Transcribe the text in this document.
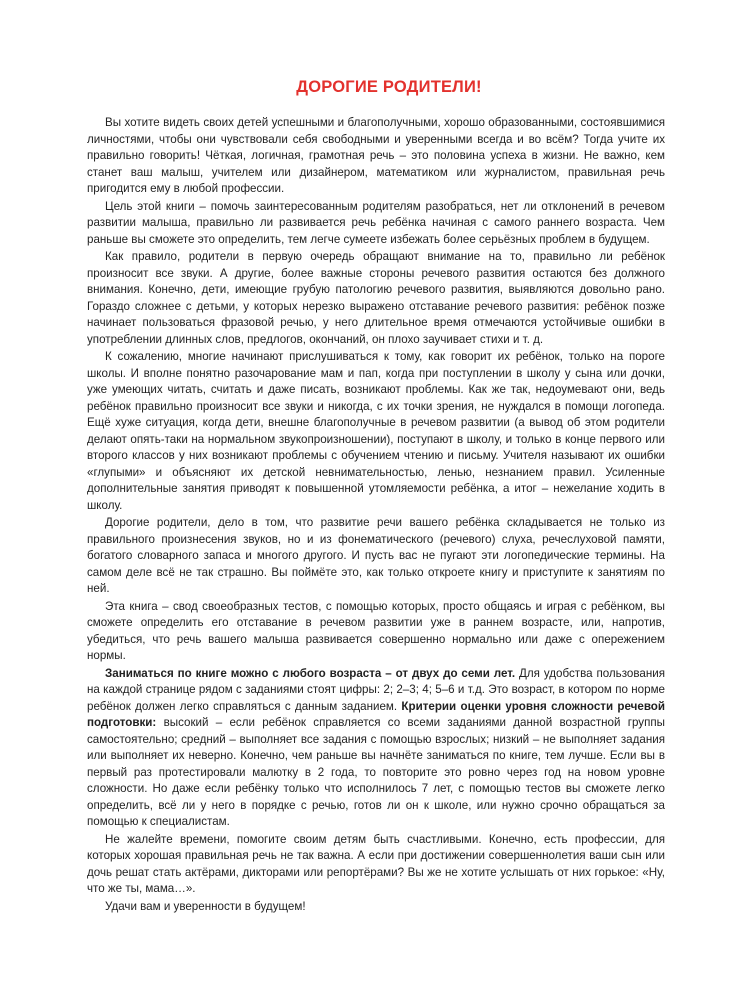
ДОРОГИЕ РОДИТЕЛИ!

Вы хотите видеть своих детей успешными и благополучными, хорошо образованными, состоявшимися личностями, чтобы они чувствовали себя свободными и уверенными всегда и во всём? Тогда учите их правильно говорить! Чёткая, логичная, грамотная речь – это половина успеха в жизни. Не важно, кем станет ваш малыш, учителем или дизайнером, математиком или журналистом, правильная речь пригодится ему в любой профессии.

Цель этой книги – помочь заинтересованным родителям разобраться, нет ли отклонений в речевом развитии малыша, правильно ли развивается речь ребёнка начиная с самого раннего возраста. Чем раньше вы сможете это определить, тем легче сумеете избежать более серьёзных проблем в будущем.

Как правило, родители в первую очередь обращают внимание на то, правильно ли ребёнок произносит все звуки. А другие, более важные стороны речевого развития остаются без должного внимания. Конечно, дети, имеющие грубую патологию речевого развития, выявляются довольно рано. Гораздо сложнее с детьми, у которых нерезко выражено отставание речевого развития: ребёнок позже начинает пользоваться фразовой речью, у него длительное время отмечаются устойчивые ошибки в употреблении длинных слов, предлогов, окончаний, он плохо заучивает стихи и т. д.

К сожалению, многие начинают прислушиваться к тому, как говорит их ребёнок, только на пороге школы. И вполне понятно разочарование мам и пап, когда при поступлении в школу у сына или дочки, уже умеющих читать, считать и даже писать, возникают проблемы. Как же так, недоумевают они, ведь ребёнок правильно произносит все звуки и никогда, с их точки зрения, не нуждался в помощи логопеда. Ещё хуже ситуация, когда дети, внешне благополучные в речевом развитии (а вывод об этом родители делают опять-таки на нормальном звукопроизношении), поступают в школу, и только в конце первого или второго классов у них возникают проблемы с обучением чтению и письму. Учителя называют их ошибки «глупыми» и объясняют их детской невнимательностью, ленью, незнанием правил. Усиленные дополнительные занятия приводят к повышенной утомляемости ребёнка, а итог – нежелание ходить в школу.

Дорогие родители, дело в том, что развитие речи вашего ребёнка складывается не только из правильного произнесения звуков, но и из фонематического (речевого) слуха, речеслуховой памяти, богатого словарного запаса и многого другого. И пусть вас не пугают эти логопедические термины. На самом деле всё не так страшно. Вы поймёте это, как только откроете книгу и приступите к занятиям по ней.

Эта книга – свод своеобразных тестов, с помощью которых, просто общаясь и играя с ребёнком, вы сможете определить его отставание в речевом развитии уже в раннем возрасте, или, напротив, убедиться, что речь вашего малыша развивается совершенно нормально или даже с опережением нормы.

Заниматься по книге можно с любого возраста – от двух до семи лет. Для удобства пользования на каждой странице рядом с заданиями стоят цифры: 2; 2–3; 4; 5–6 и т.д. Это возраст, в котором по норме ребёнок должен легко справляться с данным заданием. Критерии оценки уровня сложности речевой подготовки: высокий – если ребёнок справляется со всеми заданиями данной возрастной группы самостоятельно; средний – выполняет все задания с помощью взрослых; низкий – не выполняет задания или выполняет их неверно. Конечно, чем раньше вы начнёте заниматься по книге, тем лучше. Если вы в первый раз протестировали малютку в 2 года, то повторите это ровно через год на новом уровне сложности. Но даже если ребёнку только что исполнилось 7 лет, с помощью тестов вы сможете легко определить, всё ли у него в порядке с речью, готов ли он к школе, или нужно срочно обращаться за помощью к специалистам.

Не жалейте времени, помогите своим детям быть счастливыми. Конечно, есть профессии, для которых хорошая правильная речь не так важна. А если при достижении совершеннолетия ваши сын или дочь решат стать актёрами, дикторами или репортёрами? Вы же не хотите услышать от них горькое: «Ну, что же ты, мама…».

Удачи вам и уверенности в будущем!
